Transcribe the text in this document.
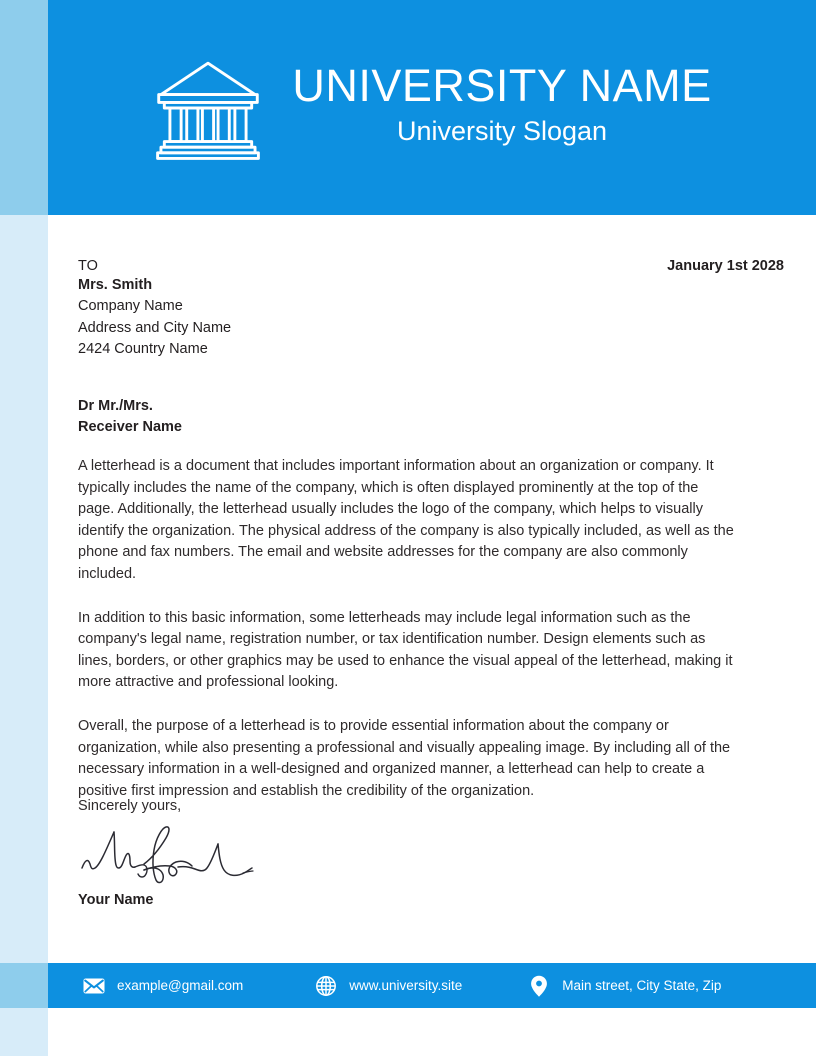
UNIVERSITY NAME
University Slogan
TO	January 1st 2028
Mrs. Smith
Company Name
Address and City Name
2424 Country Name
Dr Mr./Mrs.
Receiver Name

A letterhead is a document that includes important information about an organization or company. It typically includes the name of the company, which is often displayed prominently at the top of the page. Additionally, the letterhead usually includes the logo of the company, which helps to visually identify the organization. The physical address of the company is also typically included, as well as the phone and fax numbers. The email and website addresses for the company are also commonly included.

In addition to this basic information, some letterheads may include legal information such as the company's legal name, registration number, or tax identification number. Design elements such as lines, borders, or other graphics may be used to enhance the visual appeal of the letterhead, making it more attractive and professional looking.

Overall, the purpose of a letterhead is to provide essential information about the company or organization, while also presenting a professional and visually appealing image. By including all of the necessary information in a well-designed and organized manner, a letterhead can help to create a positive first impression and establish the credibility of the organization.

Sincerely yours,
Your Name
example@gmail.com	www.university.site	Main street, City State, Zip
